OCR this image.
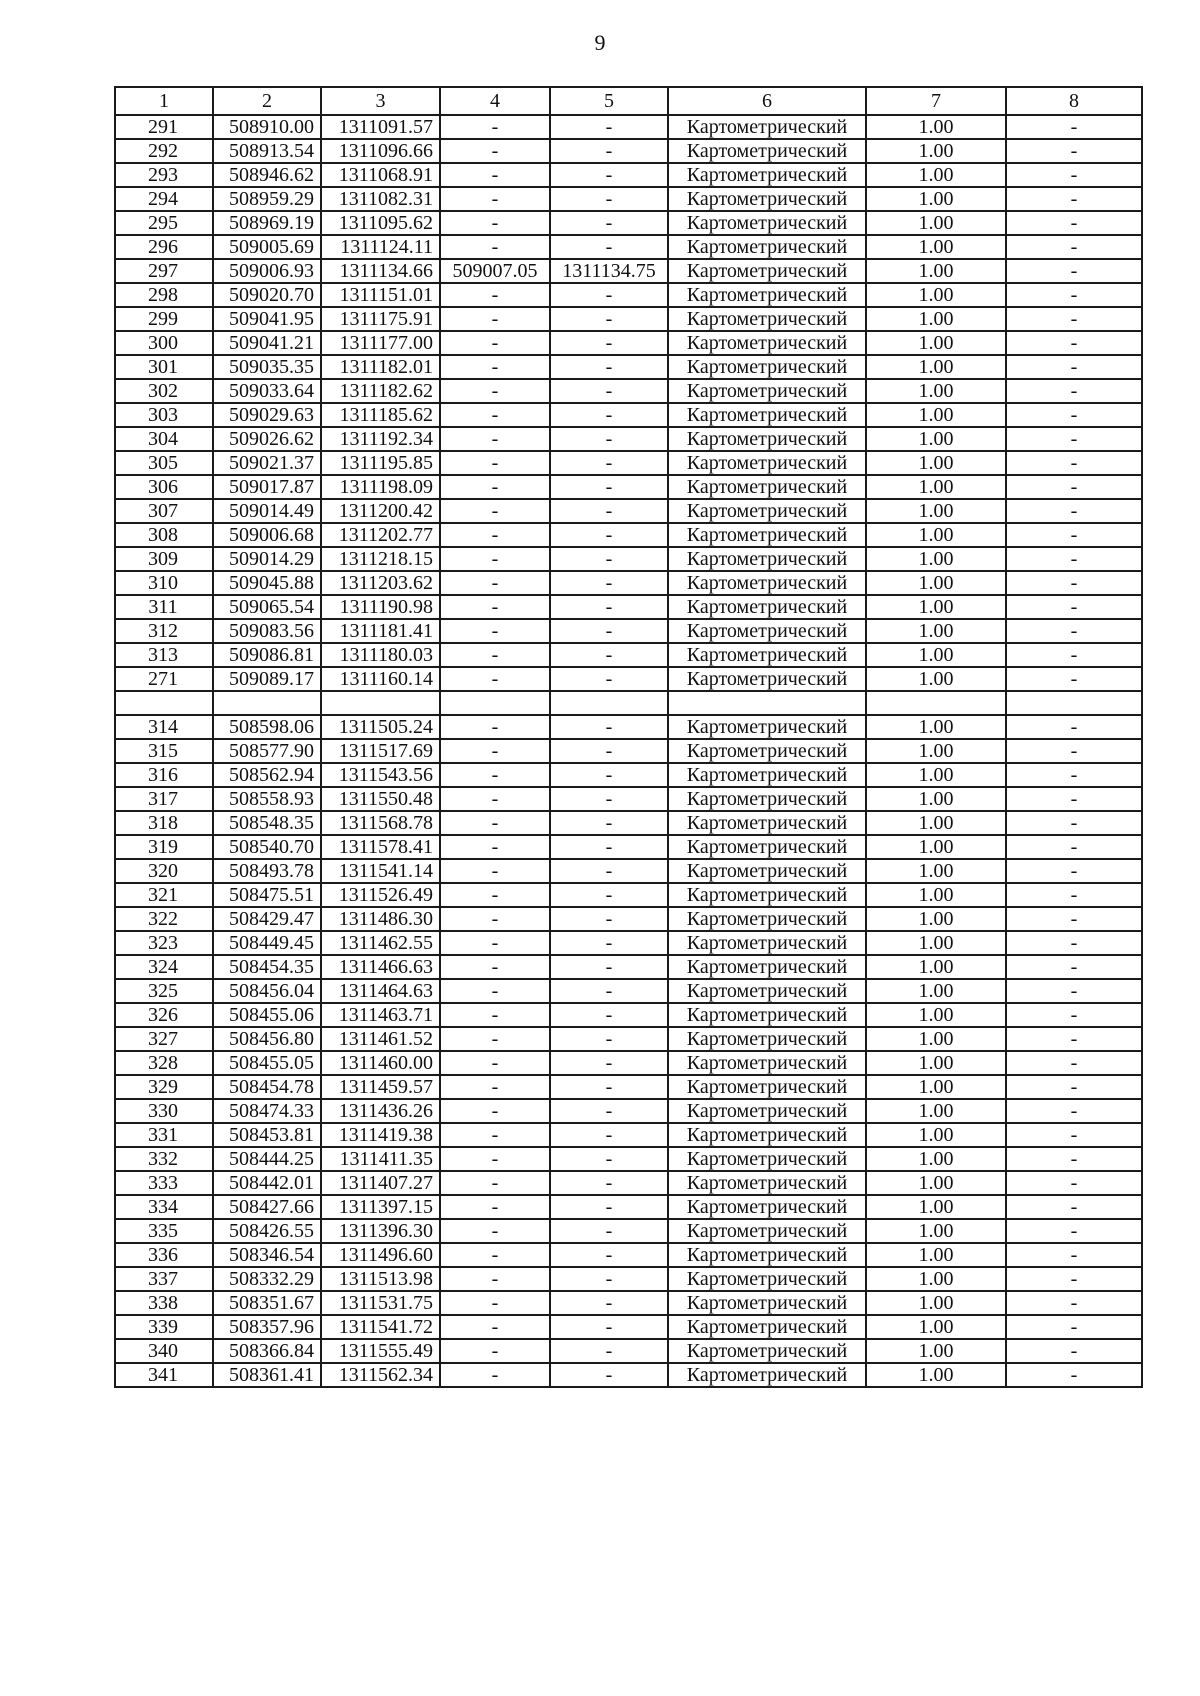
9
1	2	3	4	5	6	7	8
291	508910.00	1311091.57	-	-	Картометрический	1.00	-
292	508913.54	1311096.66	-	-	Картометрический	1.00	-
293	508946.62	1311068.91	-	-	Картометрический	1.00	-
294	508959.29	1311082.31	-	-	Картометрический	1.00	-
295	508969.19	1311095.62	-	-	Картометрический	1.00	-
296	509005.69	1311124.11	-	-	Картометрический	1.00	-
297	509006.93	1311134.66	509007.05	1311134.75	Картометрический	1.00	-
298	509020.70	1311151.01	-	-	Картометрический	1.00	-
299	509041.95	1311175.91	-	-	Картометрический	1.00	-
300	509041.21	1311177.00	-	-	Картометрический	1.00	-
301	509035.35	1311182.01	-	-	Картометрический	1.00	-
302	509033.64	1311182.62	-	-	Картометрический	1.00	-
303	509029.63	1311185.62	-	-	Картометрический	1.00	-
304	509026.62	1311192.34	-	-	Картометрический	1.00	-
305	509021.37	1311195.85	-	-	Картометрический	1.00	-
306	509017.87	1311198.09	-	-	Картометрический	1.00	-
307	509014.49	1311200.42	-	-	Картометрический	1.00	-
308	509006.68	1311202.77	-	-	Картометрический	1.00	-
309	509014.29	1311218.15	-	-	Картометрический	1.00	-
310	509045.88	1311203.62	-	-	Картометрический	1.00	-
311	509065.54	1311190.98	-	-	Картометрический	1.00	-
312	509083.56	1311181.41	-	-	Картометрический	1.00	-
313	509086.81	1311180.03	-	-	Картометрический	1.00	-
271	509089.17	1311160.14	-	-	Картометрический	1.00	-

314	508598.06	1311505.24	-	-	Картометрический	1.00	-
315	508577.90	1311517.69	-	-	Картометрический	1.00	-
316	508562.94	1311543.56	-	-	Картометрический	1.00	-
317	508558.93	1311550.48	-	-	Картометрический	1.00	-
318	508548.35	1311568.78	-	-	Картометрический	1.00	-
319	508540.70	1311578.41	-	-	Картометрический	1.00	-
320	508493.78	1311541.14	-	-	Картометрический	1.00	-
321	508475.51	1311526.49	-	-	Картометрический	1.00	-
322	508429.47	1311486.30	-	-	Картометрический	1.00	-
323	508449.45	1311462.55	-	-	Картометрический	1.00	-
324	508454.35	1311466.63	-	-	Картометрический	1.00	-
325	508456.04	1311464.63	-	-	Картометрический	1.00	-
326	508455.06	1311463.71	-	-	Картометрический	1.00	-
327	508456.80	1311461.52	-	-	Картометрический	1.00	-
328	508455.05	1311460.00	-	-	Картометрический	1.00	-
329	508454.78	1311459.57	-	-	Картометрический	1.00	-
330	508474.33	1311436.26	-	-	Картометрический	1.00	-
331	508453.81	1311419.38	-	-	Картометрический	1.00	-
332	508444.25	1311411.35	-	-	Картометрический	1.00	-
333	508442.01	1311407.27	-	-	Картометрический	1.00	-
334	508427.66	1311397.15	-	-	Картометрический	1.00	-
335	508426.55	1311396.30	-	-	Картометрический	1.00	-
336	508346.54	1311496.60	-	-	Картометрический	1.00	-
337	508332.29	1311513.98	-	-	Картометрический	1.00	-
338	508351.67	1311531.75	-	-	Картометрический	1.00	-
339	508357.96	1311541.72	-	-	Картометрический	1.00	-
340	508366.84	1311555.49	-	-	Картометрический	1.00	-
341	508361.41	1311562.34	-	-	Картометрический	1.00	-
